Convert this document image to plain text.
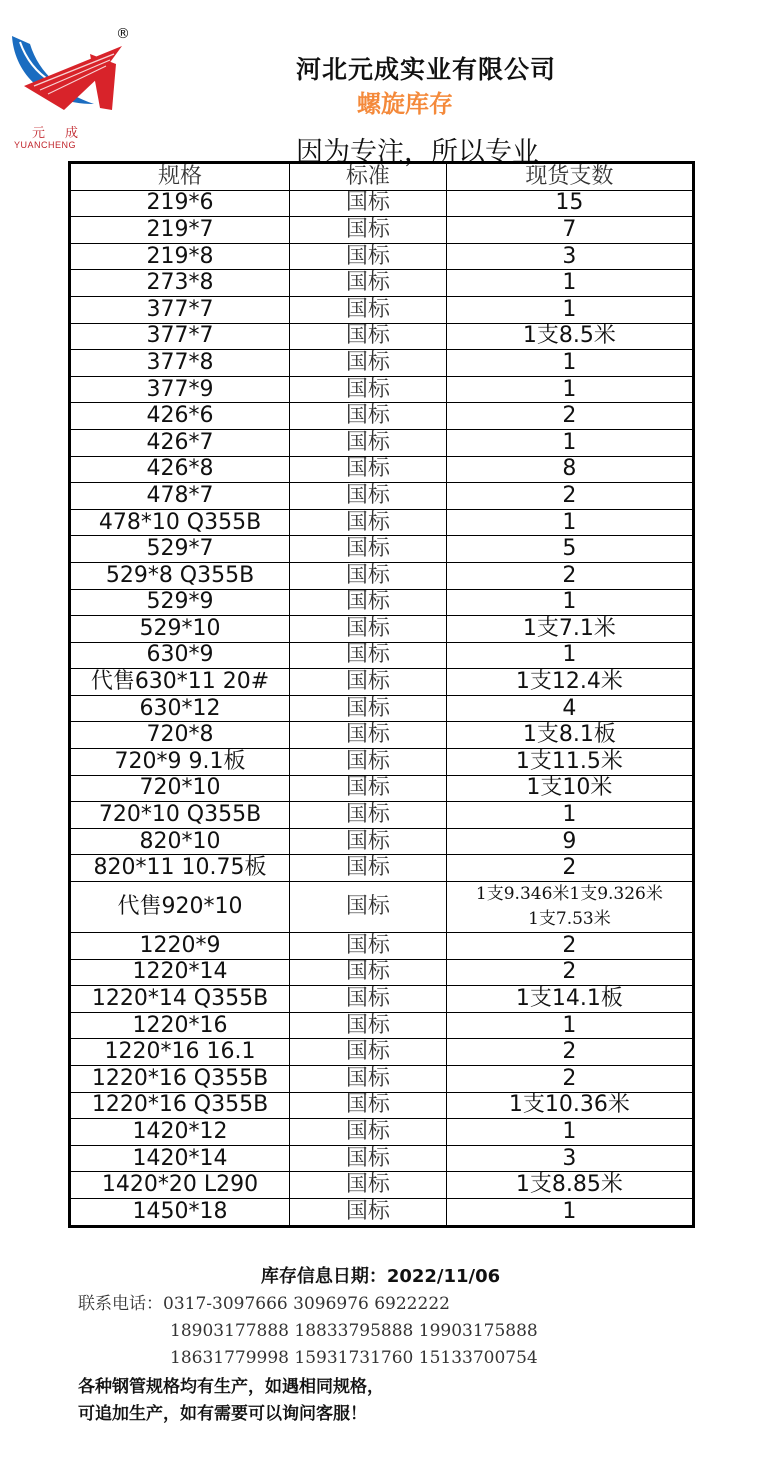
®
元成
YUANCHENG
河北元成实业有限公司
螺旋库存
因为专注，所以专业
规格	标准	现货支数
219*6	国标	15
219*7	国标	7
219*8	国标	3
273*8	国标	1
377*7	国标	1
377*7	国标	1支8.5米
377*8	国标	1
377*9	国标	1
426*6	国标	2
426*7	国标	1
426*8	国标	8
478*7	国标	2
478*10 Q355B	国标	1
529*7	国标	5
529*8 Q355B	国标	2
529*9	国标	1
529*10	国标	1支7.1米
630*9	国标	1
代售630*11 20#	国标	1支12.4米
630*12	国标	4
720*8	国标	1支8.1板
720*9 9.1板	国标	1支11.5米
720*10	国标	1支10米
720*10 Q355B	国标	1
820*10	国标	9
820*11 10.75板	国标	2
代售920*10	国标	1支9.346米1支9.326米
1支7.53米

1220*9	国标	2
1220*14	国标	2
1220*14 Q355B	国标	1支14.1板
1220*16	国标	1
1220*16 16.1	国标	2
1220*16 Q355B	国标	2
1220*16 Q355B	国标	1支10.36米
1420*12	国标	1
1420*14	国标	3
1420*20 L290	国标	1支8.85米
1450*18	国标	1
库存信息日期：2022/11/06
联系电话：0317-3097666 3096976 6922222
18903177888 18833795888 19903175888
18631779998 15931731760 15133700754
各种钢管规格均有生产，如遇相同规格，
可追加生产，如有需要可以询问客服！
